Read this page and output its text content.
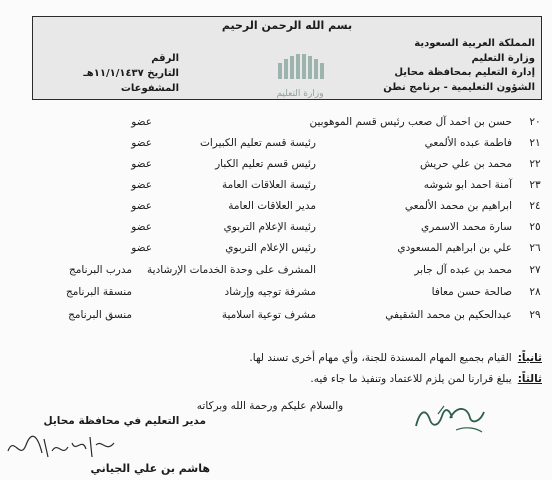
بسم الله الرحمن الرحيم
المملكة العربية السعودية
وزارة التعليم
إدارة التعليم بمحافظة محايل
الشؤون التعليمية - برنامج نطن
وزارة التعليم
الرقم
التاريخ ١١/١/١٤٣٧هـ
المشفوعات
٢٠
حسن بن احمد آل صعب رئيس قسم الموهوبين
عضو
٢١
فاطمة عبده الألمعي
رئيسة قسم تعليم الكبيرات
عضو
٢٢
محمد بن علي حريش
رئيس قسم تعليم الكبار
عضو
٢٣
آمنة احمد ابو شوشه
رئيسة العلاقات العامة
عضو
٢٤
ابراهيم بن محمد الألمعي
مدير العلاقات العامة
عضو
٢٥
سارة محمد الاسمري
رئيسة الإعلام التربوي
عضو
٢٦
علي بن ابراهيم المسعودي
رئيس الإعلام التربوي
عضو
٢٧
محمد بن عبده آل جابر
المشرف على وحدة الخدمات الإرشادية
مدرب البرنامج
٢٨
صالحة حسن معافا
مشرفة توجيه وإرشاد
منسقة البرنامج
٢٩
عبدالحكيم بن محمد الشقيفي
مشرف توعية اسلامية
منسق البرنامج
ثانياً:القيام بجميع المهام المسندة للجنة، وأي مهام أخرى تسند لها.
ثالثاً:يبلغ قرارنا لمن يلزم للاعتماد وتنفيذ ما جاء فيه.
والسلام عليكم ورحمة الله وبركاته
مدير التعليم في محافظة محايل
هاشم بن علي الجياني
